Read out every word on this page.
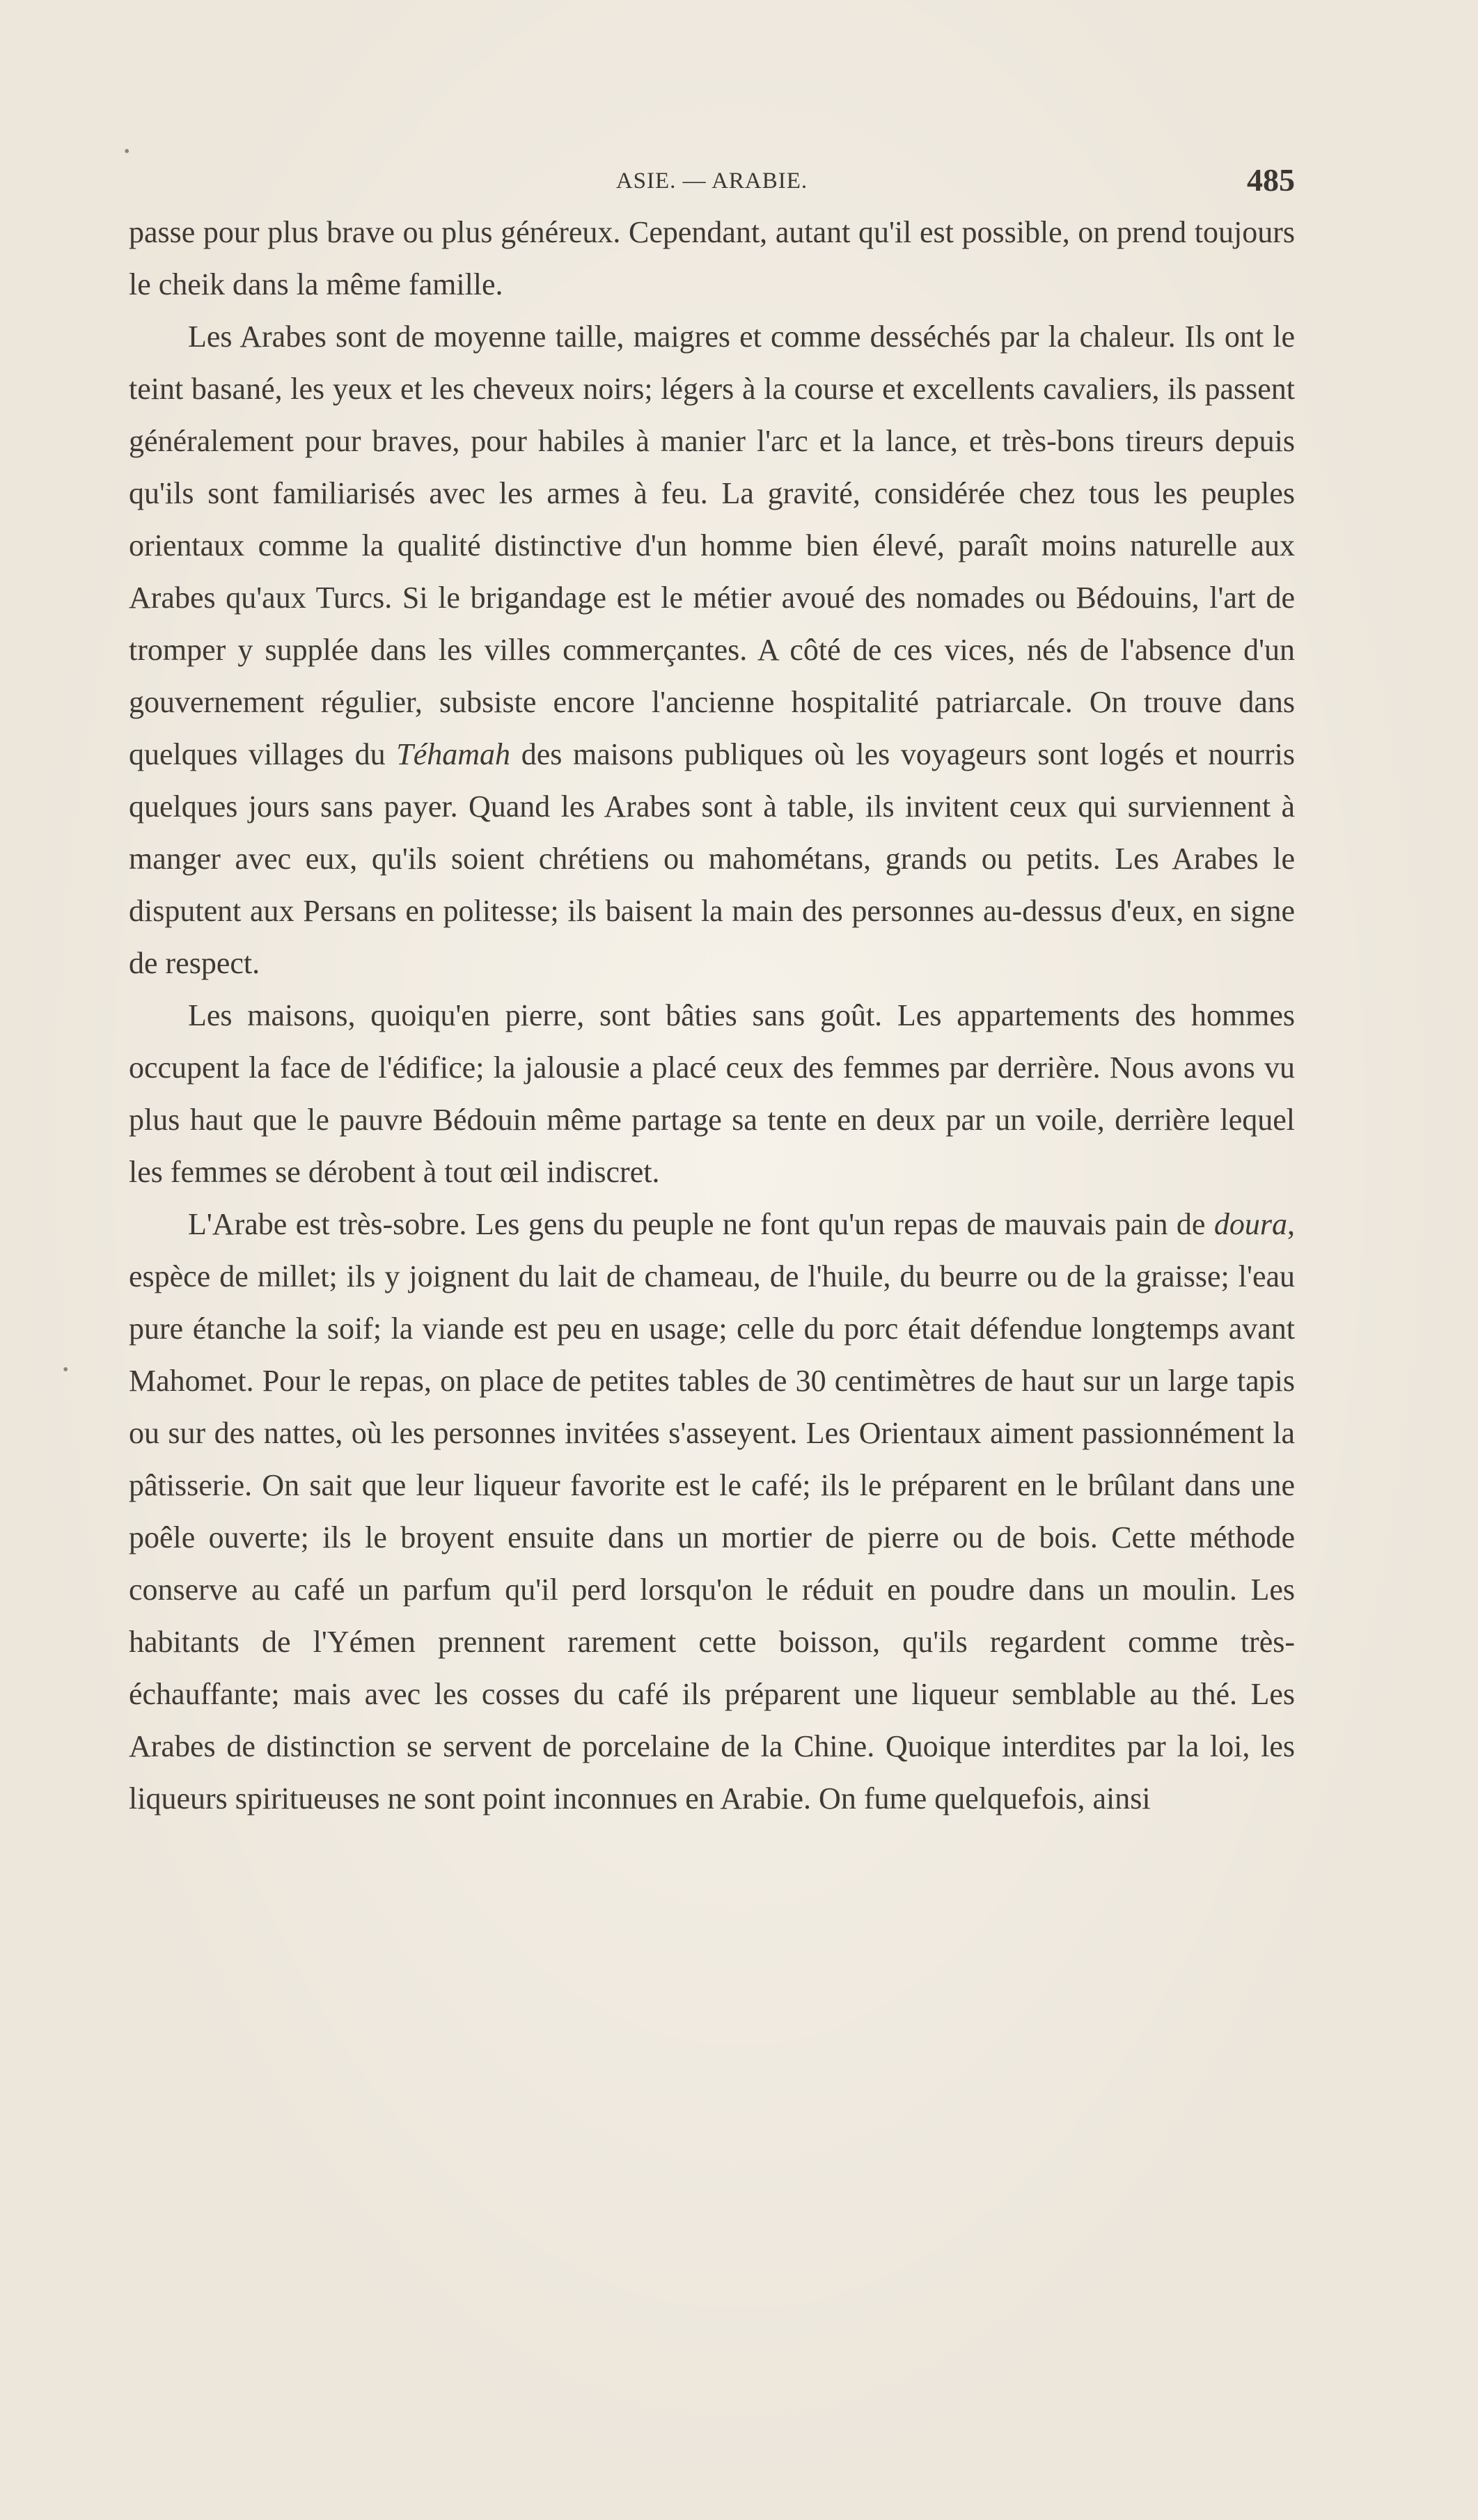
•
•
ASIE. — ARABIE.	485

passe pour plus brave ou plus généreux. Cependant, autant qu'il est possible, on prend toujours le cheik dans la même famille.

Les Arabes sont de moyenne taille, maigres et comme desséchés par la chaleur. Ils ont le teint basané, les yeux et les cheveux noirs; légers à la course et excellents cavaliers, ils passent généralement pour braves, pour habiles à manier l'arc et la lance, et très-bons tireurs depuis qu'ils sont familiarisés avec les armes à feu. La gravité, considérée chez tous les peuples orientaux comme la qualité distinctive d'un homme bien élevé, paraît moins naturelle aux Arabes qu'aux Turcs. Si le brigandage est le métier avoué des nomades ou Bédouins, l'art de tromper y supplée dans les villes commerçantes. A côté de ces vices, nés de l'absence d'un gouvernement régulier, subsiste encore l'ancienne hospitalité patriarcale. On trouve dans quelques villages du Téhamah des maisons publiques où les voyageurs sont logés et nourris quelques jours sans payer. Quand les Arabes sont à table, ils invitent ceux qui surviennent à manger avec eux, qu'ils soient chrétiens ou mahométans, grands ou petits. Les Arabes le disputent aux Persans en politesse; ils baisent la main des personnes au-dessus d'eux, en signe de respect.

Les maisons, quoiqu'en pierre, sont bâties sans goût. Les appartements des hommes occupent la face de l'édifice; la jalousie a placé ceux des femmes par derrière. Nous avons vu plus haut que le pauvre Bédouin même partage sa tente en deux par un voile, derrière lequel les femmes se dérobent à tout œil indiscret.

L'Arabe est très-sobre. Les gens du peuple ne font qu'un repas de mauvais pain de doura, espèce de millet; ils y joignent du lait de chameau, de l'huile, du beurre ou de la graisse; l'eau pure étanche la soif; la viande est peu en usage; celle du porc était défendue longtemps avant Mahomet. Pour le repas, on place de petites tables de 30 centimètres de haut sur un large tapis ou sur des nattes, où les personnes invitées s'asseyent. Les Orientaux aiment passionnément la pâtisserie. On sait que leur liqueur favorite est le café; ils le préparent en le brûlant dans une poêle ouverte; ils le broyent ensuite dans un mortier de pierre ou de bois. Cette méthode conserve au café un parfum qu'il perd lorsqu'on le réduit en poudre dans un moulin. Les habitants de l'Yémen prennent rarement cette boisson, qu'ils regardent comme très-échauffante; mais avec les cosses du café ils préparent une liqueur semblable au thé. Les Arabes de distinction se servent de porcelaine de la Chine. Quoique interdites par la loi, les liqueurs spiritueuses ne sont point inconnues en Arabie. On fume quelquefois, ainsi
